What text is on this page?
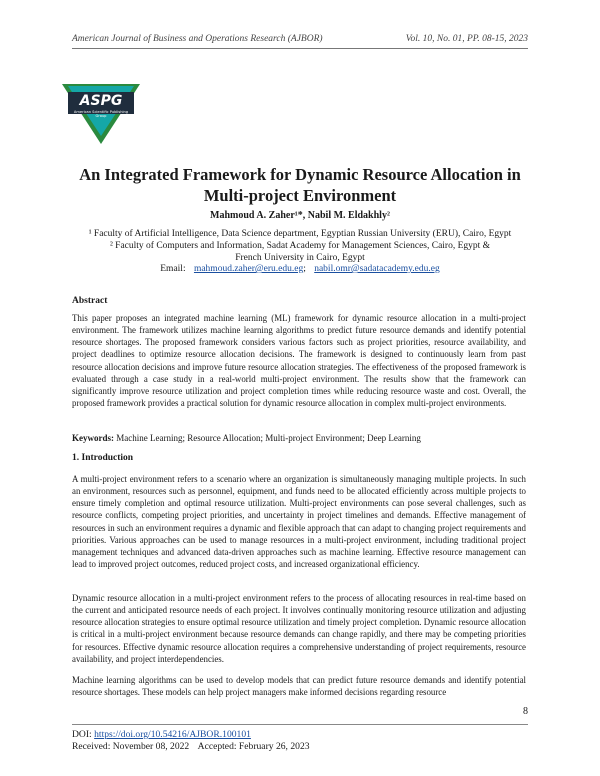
American Journal of Business and Operations Research (AJBOR)	Vol. 10, No. 01, PP. 08-15, 2023
ASPG
American Scientific Publishing Group
An Integrated Framework for Dynamic Resource Allocation in
Multi-project Environment
Mahmoud A. Zaher¹*, Nabil M. Eldakhly²
¹ Faculty of Artificial Intelligence, Data Science department, Egyptian Russian University (ERU), Cairo, Egypt
² Faculty of Computers and Information, Sadat Academy for Management Sciences, Cairo, Egypt &
French University in Cairo, Egypt
Email: mahmoud.zaher@eru.edu.eg; nabil.omr@sadatacademy.edu.eg
Abstract
This paper proposes an integrated machine learning (ML) framework for dynamic resource allocation in a multi-project environment. The framework utilizes machine learning algorithms to predict future resource demands and identify potential resource shortages. The proposed framework considers various factors such as project priorities, resource availability, and project deadlines to optimize resource allocation decisions. The framework is designed to continuously learn from past resource allocation decisions and improve future resource allocation strategies. The effectiveness of the proposed framework is evaluated through a case study in a real-world multi-project environment. The results show that the framework can significantly improve resource utilization and project completion times while reducing resource waste and cost. Overall, the proposed framework provides a practical solution for dynamic resource allocation in complex multi-project environments.
Keywords: Machine Learning; Resource Allocation; Multi-project Environment; Deep Learning
1. Introduction
A multi-project environment refers to a scenario where an organization is simultaneously managing multiple projects. In such an environment, resources such as personnel, equipment, and funds need to be allocated efficiently across multiple projects to ensure timely completion and optimal resource utilization. Multi-project environments can pose several challenges, such as resource conflicts, competing project priorities, and uncertainty in project timelines and demands. Effective management of resources in such an environment requires a dynamic and flexible approach that can adapt to changing project requirements and priorities. Various approaches can be used to manage resources in a multi-project environment, including traditional project management techniques and advanced data-driven approaches such as machine learning. Effective resource management can lead to improved project outcomes, reduced project costs, and increased organizational efficiency.
Dynamic resource allocation in a multi-project environment refers to the process of allocating resources in real-time based on the current and anticipated resource needs of each project. It involves continually monitoring resource utilization and adjusting resource allocation strategies to ensure optimal resource utilization and timely project completion. Dynamic resource allocation is critical in a multi-project environment because resource demands can change rapidly, and there may be competing priorities for resources. Effective dynamic resource allocation requires a comprehensive understanding of project requirements, resource availability, and project interdependencies.
Machine learning algorithms can be used to develop models that can predict future resource demands and identify potential resource shortages. These models can help project managers make informed decisions regarding resource
8
DOI: https://doi.org/10.54216/AJBOR.100101
Received: November 08, 2022 Accepted: February 26, 2023
